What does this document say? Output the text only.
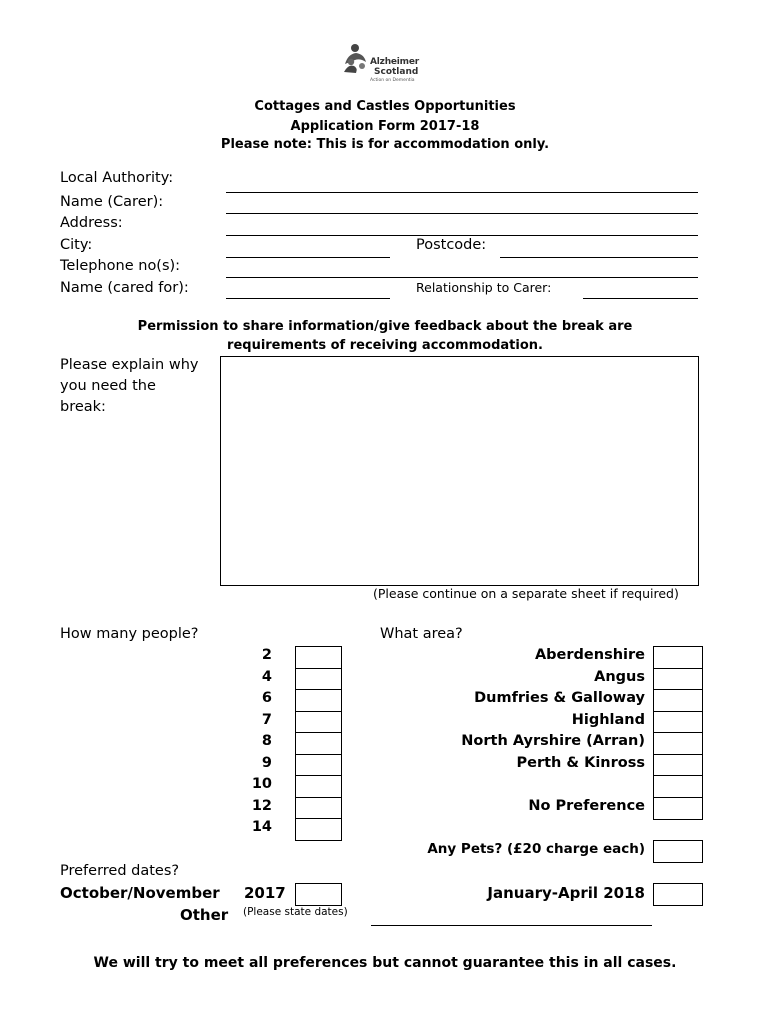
Alzheimer
Scotland
Action on Dementia
Cottages and Castles Opportunities
Application Form 2017-18
Please note: This is for accommodation only.
Local Authority:
Name (Carer):
Address:
City:	Postcode:
Telephone no(s):
Name (cared for):	Relationship to Carer:
Permission to share information/give feedback about the break are
requirements of receiving accommodation.
Please explain why
you need the
break:
(Please continue on a separate sheet if required)
How many people?
2
4
6
7
8
9
10
12
14
What area?
Aberdenshire
Angus
Dumfries & Galloway
Highland
North Ayrshire (Arran)
Perth & Kinross
No Preference
Any Pets? (£20 charge each)
Preferred dates?
October/November 2017	January-April 2018
Other (Please state dates)
We will try to meet all preferences but cannot guarantee this in all cases.
